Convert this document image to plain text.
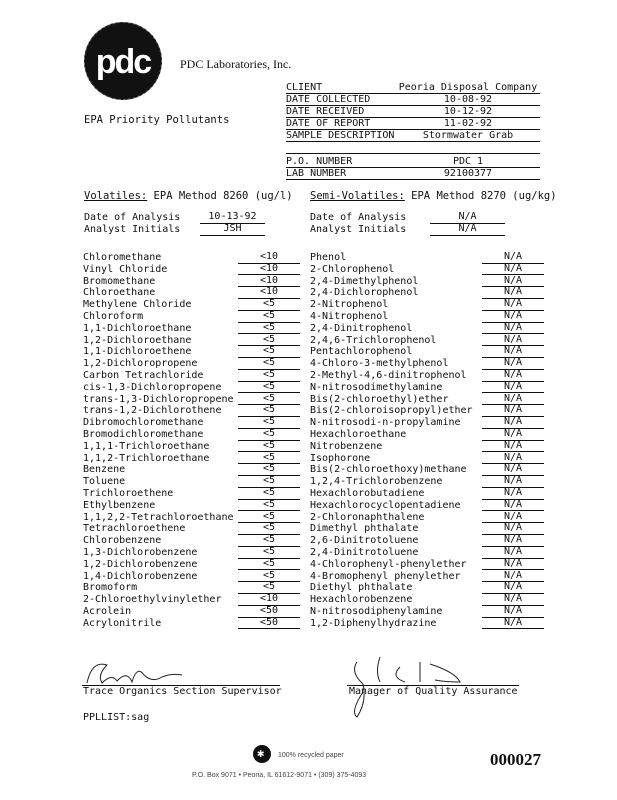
pdc	PDC Laboratories, Inc.
EPA Priority Pollutants
CLIENT	Peoria Disposal Company
DATE COLLECTED	10-08-92
DATE RECEIVED	10-12-92
DATE OF REPORT	11-02-92
SAMPLE DESCRIPTION	Stormwater Grab
P.O. NUMBER	PDC 1
LAB NUMBER	92100377
Volatiles: EPA Method 8260 (ug/l) Semi-Volatiles: EPA Method 8270 (ug/kg)
Date of Analysis	10-13-92
Analyst Initials	JSH
Date of Analysis	N/A
Analyst Initials	N/A
Chloromethane	<10
Vinyl Chloride	<10
Bromomethane	<10
Chloroethane	<10
Methylene Chloride	<5
Chloroform	<5
1,1-Dichloroethane	<5
1,2-Dichloroethane	<5
1,1-Dichloroethene	<5
1,2-Dichloropropene	<5
Carbon Tetrachloride	<5
cis-1,3-Dichloropropene	<5
trans-1,3-Dichloropropene	<5
trans-1,2-Dichlorothene	<5
Dibromochloromethane	<5
Bromodichloromethane	<5
1,1,1-Trichloroethane	<5
1,1,2-Trichloroethane	<5
Benzene	<5
Toluene	<5
Trichloroethene	<5
Ethylbenzene	<5
1,1,2,2-Tetrachloroethane	<5
Tetrachloroethene	<5
Chlorobenzene	<5
1,3-Dichlorobenzene	<5
1,2-Dichlorobenzene	<5
1,4-Dichlorobenzene	<5
Bromoform	<5
2-Chloroethylvinylether	<10
Acrolein	<50
Acrylonitrile	<50
Phenol	N/A
2-Chlorophenol	N/A
2,4-Dimethylphenol	N/A
2,4-Dichlorophenol	N/A
2-Nitrophenol	N/A
4-Nitrophenol	N/A
2,4-Dinitrophenol	N/A
2,4,6-Trichlorophenol	N/A
Pentachlorophenol	N/A
4-Chloro-3-methylphenol	N/A
2-Methyl-4,6-dinitrophenol	N/A
N-nitrosodimethylamine	N/A
Bis(2-chloroethyl)ether	N/A
Bis(2-chloroisopropyl)ether	N/A
N-nitrosodi-n-propylamine	N/A
Hexachloroethane	N/A
Nitrobenzene	N/A
Isophorone	N/A
Bis(2-chloroethoxy)methane	N/A
1,2,4-Trichlorobenzene	N/A
Hexachlorobutadiene	N/A
Hexachlorocyclopentadiene	N/A
2-Chloronaphthalene	N/A
Dimethyl phthalate	N/A
2,6-Dinitrotoluene	N/A
2,4-Dinitrotoluene	N/A
4-Chlorophenyl-phenylether	N/A
4-Bromophenyl phenylether	N/A
Diethyl phthalate	N/A
Hexachlorobenzene	N/A
N-nitrosodiphenylamine	N/A
1,2-Diphenylhydrazine	N/A
Trace Organics Section Supervisor	Manager of Quality Assurance
PPLLIST:sag
✱ 100% recycled paper
P.O. Box 9071 • Peoria, IL 61612-9071 • (309) 375-4093
000027
